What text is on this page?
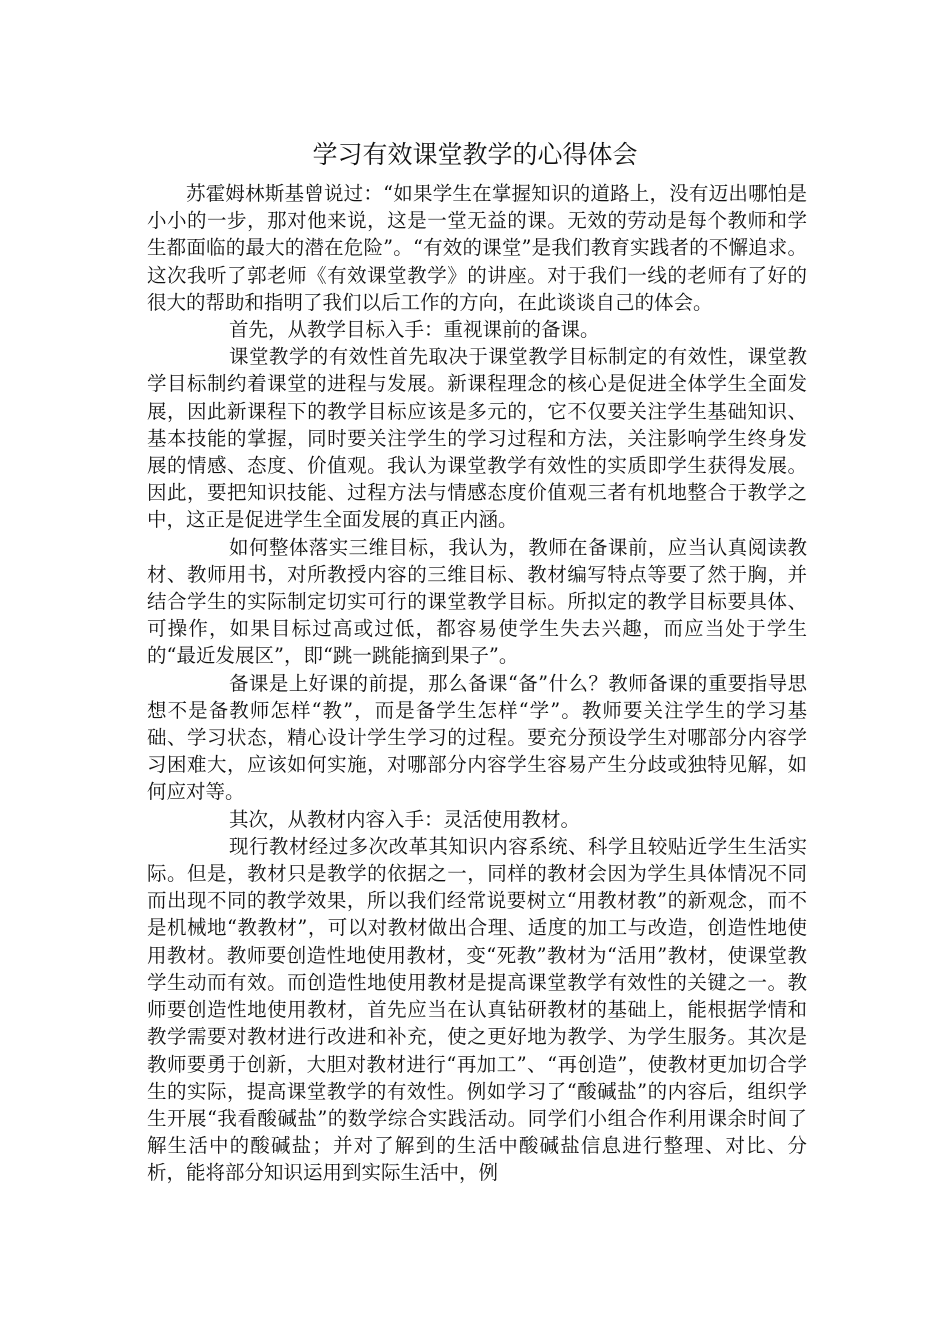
学习有效课堂教学的心得体会

苏霍姆林斯基曾说过：“如果学生在掌握知识的道路上，没有迈出哪怕是小小的一步，那对他来说，这是一堂无益的课。无效的劳动是每个教师和学生都面临的最大的潜在危险”。“有效的课堂”是我们教育实践者的不懈追求。这次我听了郭老师《有效课堂教学》的讲座。对于我们一线的老师有了好的很大的帮助和指明了我们以后工作的方向，在此谈谈自己的体会。

首先，从教学目标入手：重视课前的备课。

课堂教学的有效性首先取决于课堂教学目标制定的有效性，课堂教学目标制约着课堂的进程与发展。新课程理念的核心是促进全体学生全面发展，因此新课程下的教学目标应该是多元的，它不仅要关注学生基础知识、基本技能的掌握，同时要关注学生的学习过程和方法，关注影响学生终身发展的情感、态度、价值观。我认为课堂教学有效性的实质即学生获得发展。因此，要把知识技能、过程方法与情感态度价值观三者有机地整合于教学之中，这正是促进学生全面发展的真正内涵。

如何整体落实三维目标，我认为，教师在备课前，应当认真阅读教材、教师用书，对所教授内容的三维目标、教材编写特点等要了然于胸，并结合学生的实际制定切实可行的课堂教学目标。所拟定的教学目标要具体、可操作，如果目标过高或过低，都容易使学生失去兴趣，而应当处于学生的“最近发展区”，即“跳一跳能摘到果子”。

备课是上好课的前提，那么备课“备”什么？教师备课的重要指导思想不是备教师怎样“教”，而是备学生怎样“学”。教师要关注学生的学习基础、学习状态，精心设计学生学习的过程。要充分预设学生对哪部分内容学习困难大，应该如何实施，对哪部分内容学生容易产生分歧或独特见解，如何应对等。

其次，从教材内容入手：灵活使用教材。

现行教材经过多次改革其知识内容系统、科学且较贴近学生生活实际。但是，教材只是教学的依据之一，同样的教材会因为学生具体情况不同而出现不同的教学效果，所以我们经常说要树立“用教材教”的新观念，而不是机械地“教教材”，可以对教材做出合理、适度的加工与改造，创造性地使用教材。教师要创造性地使用教材，变“死教”教材为“活用”教材，使课堂教学生动而有效。而创造性地使用教材是提高课堂教学有效性的关键之一。教师要创造性地使用教材，首先应当在认真钻研教材的基础上，能根据学情和教学需要对教材进行改进和补充，使之更好地为教学、为学生服务。其次是教师要勇于创新，大胆对教材进行“再加工”、“再创造”，使教材更加切合学生的实际，提高课堂教学的有效性。例如学习了“酸碱盐”的内容后，组织学生开展“我看酸碱盐”的数学综合实践活动。同学们小组合作利用课余时间了解生活中的酸碱盐；并对了解到的生活中酸碱盐信息进行整理、对比、分析，能将部分知识运用到实际生活中，例
